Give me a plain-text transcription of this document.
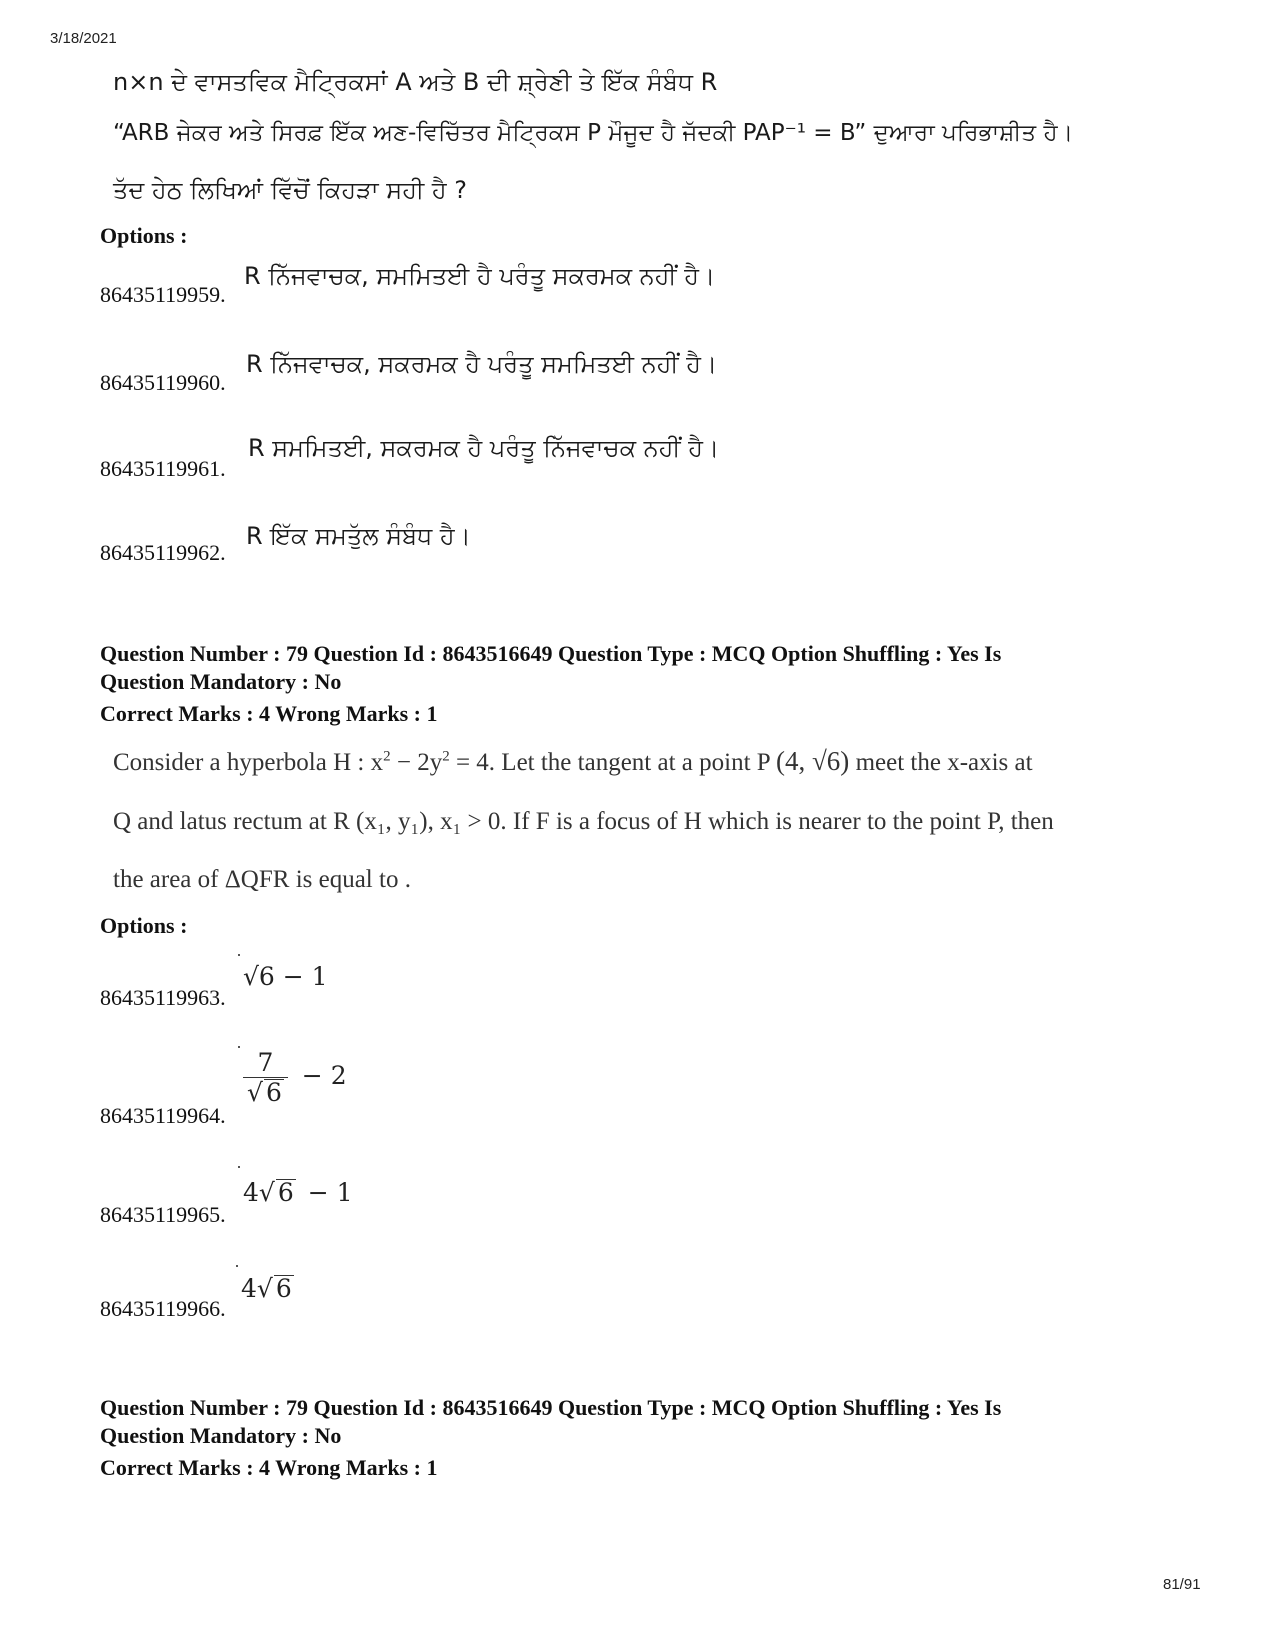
3/18/2021
n×n ਦੇ ਵਾਸਤਵਿਕ ਮੈਟ੍ਰਿਕਸਾਂ A ਅਤੇ B ਦੀ ਸ਼੍ਰੇਣੀ ਤੇ ਇੱਕ ਸੰਬੰਧ R
“ARB ਜੇਕਰ ਅਤੇ ਸਿਰਫ਼ ਇੱਕ ਅਣ-ਵਿਚਿੱਤਰ ਮੈਟ੍ਰਿਕਸ P ਮੌਜੂਦ ਹੈ ਜੱਦਕੀ PAP⁻¹ = B” ਦੁਆਰਾ ਪਰਿਭਾਸ਼ੀਤ ਹੈ।
ਤੱਦ ਹੇਠ ਲਿਖਿਆਂ ਵਿੱਚੋਂ ਕਿਹੜਾ ਸਹੀ ਹੈ ?
Options :
86435119959.
R ਨਿੱਜਵਾਚਕ, ਸਮਮਿਤਈ ਹੈ ਪਰੰਤੂ ਸਕਰਮਕ ਨਹੀਂ ਹੈ।
86435119960.
R ਨਿੱਜਵਾਚਕ, ਸਕਰਮਕ ਹੈ ਪਰੰਤੂ ਸਮਮਿਤਈ ਨਹੀਂ ਹੈ।
86435119961.
R ਸਮਮਿਤਈ, ਸਕਰਮਕ ਹੈ ਪਰੰਤੂ ਨਿੱਜਵਾਚਕ ਨਹੀਂ ਹੈ।
86435119962.
R ਇੱਕ ਸਮਤੁੱਲ ਸੰਬੰਧ ਹੈ।
Question Number : 79 Question Id : 8643516649 Question Type : MCQ Option Shuffling : Yes Is
Question Mandatory : No
Correct Marks : 4 Wrong Marks : 1
Consider a hyperbola H : $x^2 - 2y^2 = 4$. Let the tangent at a point P (4, √6) meet the x-axis at
Q and latus rectum at R (x₁, y₁), x₁ > 0. If F is a focus of H which is nearer to the point P, then
the area of ΔQFR is equal to .
Options :
86435119963.
√6 − 1
86435119964.
$\frac{7}{√ 6} - 2$
86435119965.
4√ 6 − 1
86435119966.
4√ 6
Question Number : 79 Question Id : 8643516649 Question Type : MCQ Option Shuffling : Yes Is
Question Mandatory : No
Correct Marks : 4 Wrong Marks : 1
81/91
